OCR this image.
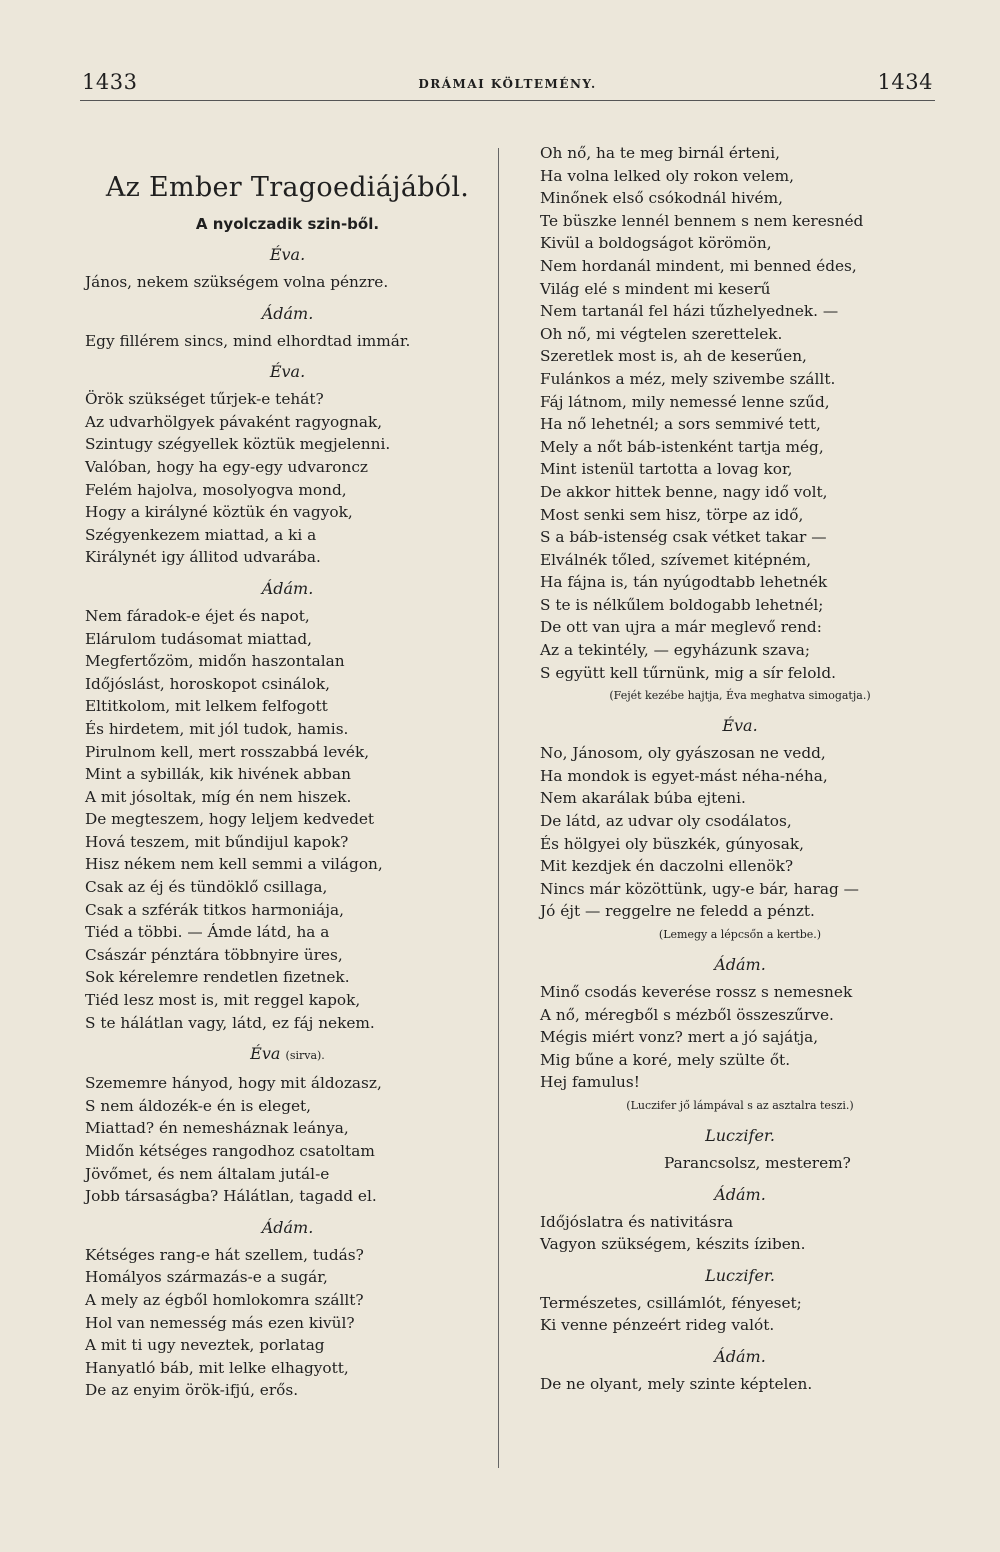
1433	DRÁMAI KÖLTEMÉNY.	1434
Az Ember Tragoediájából.
A nyolczadik szin-ből.
Éva.
János, nekem szükségem volna pénzre.
Ádám.
Egy fillérem sincs, mind elhordtad immár.
Éva.
Örök szükséget tűrjek-e tehát?
Az udvarhölgyek pávaként ragyognak,
Szintugy szégyellek köztük megjelenni.
Valóban, hogy ha egy-egy udvaroncz
Felém hajolva, mosolyogva mond,
Hogy a királyné köztük én vagyok,
Szégyenkezem miattad, a ki a
Királynét igy állitod udvarába.
Ádám.
Nem fáradok-e éjet és napot,
Elárulom tudásomat miattad,
Megfertőzöm, midőn haszontalan
Időjóslást, horoskopot csinálok,
Eltitkolom, mit lelkem felfogott
És hirdetem, mit jól tudok, hamis.
Pirulnom kell, mert rosszabbá levék,
Mint a sybillák, kik hivének abban
A mit jósoltak, míg én nem hiszek.
De megteszem, hogy leljem kedvedet
Hová teszem, mit bűndijul kapok?
Hisz nékem nem kell semmi a világon,
Csak az éj és tündöklő csillaga,
Csak a szférák titkos harmoniája,
Tiéd a többi. — Ámde látd, ha a
Császár pénztára többnyire üres,
Sok kérelemre rendetlen fizetnek.
Tiéd lesz most is, mit reggel kapok,
S te hálátlan vagy, látd, ez fáj nekem.
Éva (sirva).
Szememre hányod, hogy mit áldozasz,
S nem áldozék-e én is eleget,
Miattad? én nemesháznak leánya,
Midőn kétséges rangodhoz csatoltam
Jövőmet, és nem általam jutál-e
Jobb társaságba? Hálátlan, tagadd el.
Ádám.
Kétséges rang-e hát szellem, tudás?
Homályos származás-e a sugár,
A mely az égből homlokomra szállt?
Hol van nemesség más ezen kivül?
A mit ti ugy neveztek, porlatag
Hanyatló báb, mit lelke elhagyott,
De az enyim örök-ifjú, erős.
Oh nő, ha te meg birnál érteni,
Ha volna lelked oly rokon velem,
Minőnek első csókodnál hivém,
Te büszke lennél bennem s nem keresnéd
Kivül a boldogságot körömön,
Nem hordanál mindent, mi benned édes,
Világ elé s mindent mi keserű
Nem tartanál fel házi tűzhelyednek. —
Oh nő, mi végtelen szerettelek.
Szeretlek most is, ah de keserűen,
Fulánkos a méz, mely szivembe szállt.
Fáj látnom, mily nemessé lenne szűd,
Ha nő lehetnél; a sors semmivé tett,
Mely a nőt báb-istenként tartja még,
Mint istenül tartotta a lovag kor,
De akkor hittek benne, nagy idő volt,
Most senki sem hisz, törpe az idő,
S a báb-istenség csak vétket takar —
Elválnék tőled, szívemet kitépném,
Ha fájna is, tán nyúgodtabb lehetnék
S te is nélkűlem boldogabb lehetnél;
De ott van ujra a már meglevő rend:
Az a tekintély, — egyházunk szava;
S együtt kell tűrnünk, mig a sír felold.
(Fejét kezébe hajtja, Éva meghatva simogatja.)
Éva.
No, Jánosom, oly gyászosan ne vedd,
Ha mondok is egyet-mást néha-néha,
Nem akarálak búba ejteni.
De látd, az udvar oly csodálatos,
És hölgyei oly büszkék, gúnyosak,
Mit kezdjek én daczolni ellenök?
Nincs már közöttünk, ugy-e bár, harag —
Jó éjt — reggelre ne feledd a pénzt.
(Lemegy a lépcsőn a kertbe.)
Ádám.
Minő csodás keverése rossz s nemesnek
A nő, méregből s mézből összeszűrve.
Mégis miért vonz? mert a jó sajátja,
Mig bűne a koré, mely szülte őt.
Hej famulus!
(Luczifer jő lámpával s az asztalra teszi.)
Luczifer.
Parancsolsz, mesterem?
Ádám.
Időjóslatra és nativitásra
Vagyon szükségem, készits íziben.
Luczifer.
Természetes, csillámlót, fényeset;
Ki venne pénzeért rideg valót.
Ádám.
De ne olyant, mely szinte képtelen.
